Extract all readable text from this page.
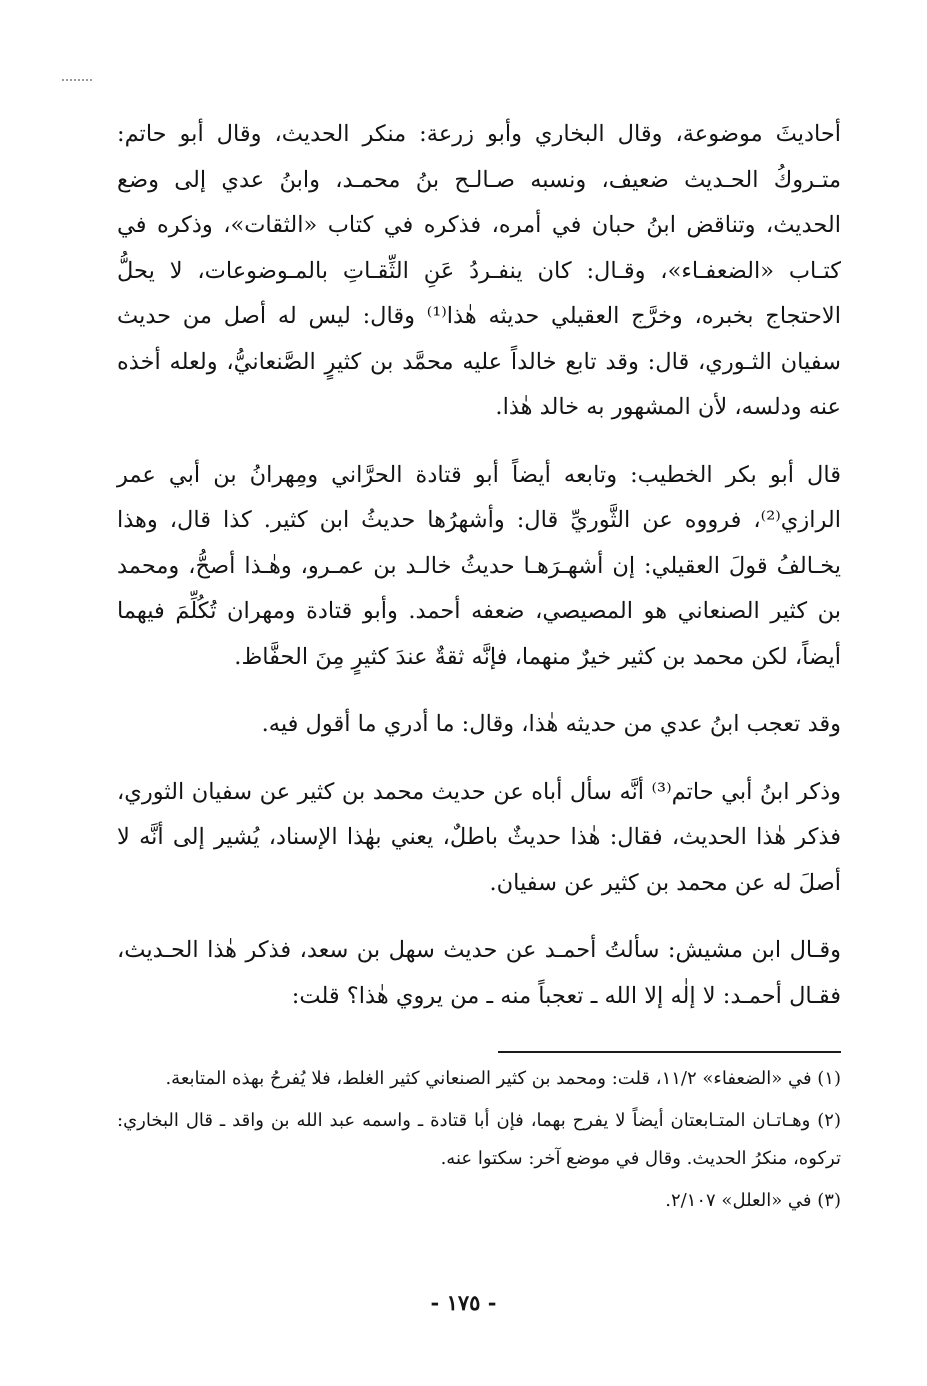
أحاديثَ موضوعة، وقال البخاري وأبو زرعة: منكر الحديث، وقال أبو حاتم: متـروكُ الحـديث ضعيف، ونسبه صـالـح بنُ محمـد، وابنُ عدي إلى وضع الحديث، وتناقض ابنُ حبان في أمره، فذكره في كتاب «الثقات»، وذكره في كتـاب «الضعفـاء»، وقـال: كان ينفـردُ عَنِ الثِّقـاتِ بالمـوضوعات، لا يحلُّ الاحتجاج بخبره، وخرَّج العقيلي حديثه هٰذا⁽¹⁾ وقال: ليس له أصل من حديث سفيان الثـوري، قال: وقد تابع خالداً عليه محمَّد بن كثيرٍ الصَّنعانيُّ، ولعله أخذه عنه ودلسه، لأن المشهور به خالد هٰذا.

قال أبو بكر الخطيب: وتابعه أيضاً أبو قتادة الحرَّاني ومِهرانُ بن أبي عمر الرازي⁽²⁾، فرووه عن الثَّوريِّ قال: وأشهرُها حديثُ ابن كثير. كذا قال، وهذا يخـالفُ قولَ العقيلي: إن أشهـرَهـا حديثُ خالـد بن عمـرو، وهٰـذا أصحُّ، ومحمد بن كثير الصنعاني هو المصيصي، ضعفه أحمد. وأبو قتادة ومهران تُكُلِّمَ فيهما أيضاً، لكن محمد بن كثير خيرٌ منهما، فإنَّه ثقةٌ عندَ كثيرٍ مِنَ الحفَّاظ.

وقد تعجب ابنُ عدي من حديثه هٰذا، وقال: ما أدري ما أقول فيه.

وذكر ابنُ أبي حاتم⁽³⁾ أنَّه سأل أباه عن حديث محمد بن كثير عن سفيان الثوري، فذكر هٰذا الحديث، فقال: هٰذا حديثٌ باطلٌ، يعني بهٰذا الإسناد، يُشير إلى أنَّه لا أصلَ له عن محمد بن كثير عن سفيان.

وقـال ابن مشيش: سألتُ أحمـد عن حديث سهل بن سعد، فذكر هٰذا الحـديث، فقـال أحمـد: لا إلٰه إلا الله ـ تعجباً منه ـ من يروي هٰذا؟ قلت:

(١) في «الضعفاء» ١١/٢، قلت: ومحمد بن كثير الصنعاني كثير الغلط، فلا يُفرحُ بهذه المتابعة.

(٢) وهـاتـان المتـابعتان أيضاً لا يفرح بهما، فإن أبا قتادة ـ واسمه عبد الله بن واقد ـ قال البخاري: تركوه، منكرُ الحديث. وقال في موضع آخر: سكتوا عنه.

(٣) في «العلل» ٢/١٠٧.

- ١٧٥ -
